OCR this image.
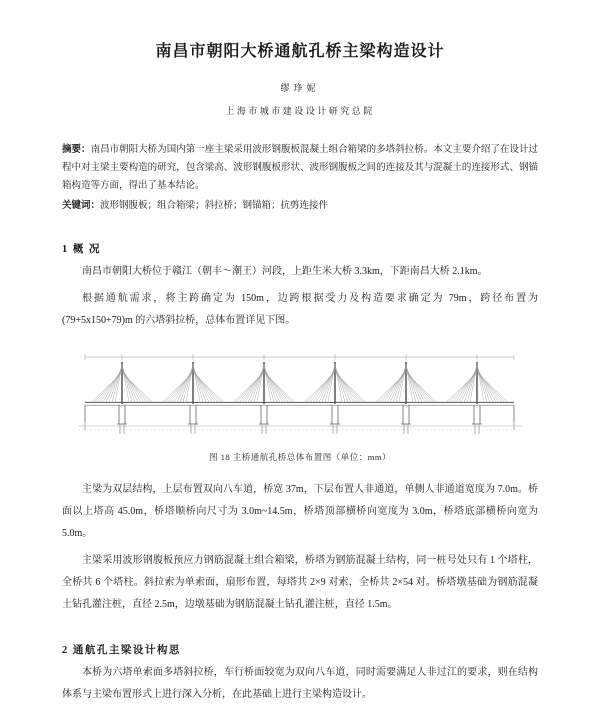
南昌市朝阳大桥通航孔桥主梁构造设计
缪琤妮
上海市城市建设设计研究总院

摘要：南昌市朝阳大桥为国内第一座主梁采用波形钢腹板混凝土组合箱梁的多塔斜拉桥。本文主要介绍了在设计过程中对主梁主要构造的研究，包含梁高、波形钢腹板形状、波形钢腹板之间的连接及其与混凝土的连接形式、钢锚箱构造等方面，得出了基本结论。

关键词：波形钢腹板；组合箱梁；斜拉桥；钢锚箱；抗剪连接件

1 概 况

南昌市朝阳大桥位于赣江（朝丰～潮王）河段，上距生米大桥 3.3km，下距南昌大桥 2.1km。

根据通航需求，将主跨确定为 150m，边跨根据受力及构造要求确定为 79m，跨径布置为 (79+5x150+79)m 的六塔斜拉桥，总体布置详见下图。

图 18 主桥通航孔桥总体布置图（单位：mm）

主梁为双层结构，上层布置双向八车道，桥宽 37m，下层布置人非通道，单侧人非通道宽度为 7.0m。桥面以上塔高 45.0m，桥塔顺桥向尺寸为 3.0m~14.5m，桥塔顶部横桥向宽度为 3.0m，桥塔底部横桥向宽为 5.0m。

主梁采用波形钢腹板预应力钢筋混凝土组合箱梁，桥塔为钢筋混凝土结构，同一桩号处只有 1 个塔柱，全桥共 6 个塔柱。斜拉索为单索面，扇形布置，每塔共 2×9 对索，全桥共 2×54 对。桥塔墩基础为钢筋混凝土钻孔灌注桩，直径 2.5m，边墩基础为钢筋混凝土钻孔灌注桩，直径 1.5m。

2 通航孔主梁设计构思

本桥为六塔单索面多塔斜拉桥，车行桥面较宽为双向八车道，同时需要满足人非过江的要求，则在结构体系与主梁布置形式上进行深入分析，在此基础上进行主梁构造设计。
